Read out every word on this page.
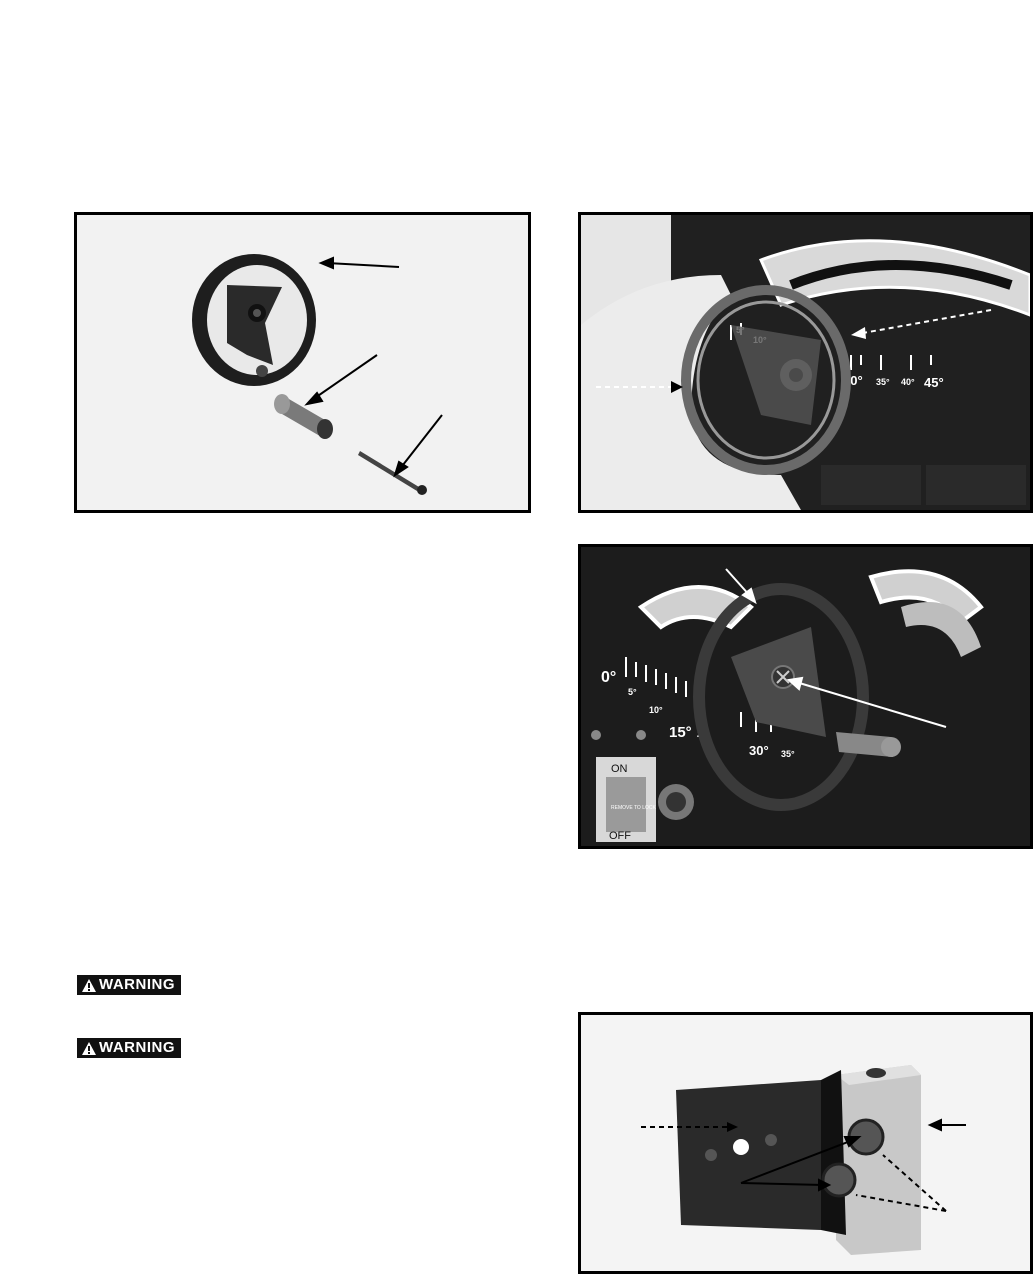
30° 35° 40° 45°
0°
5°
10°
15° 20
30° 35°
ON
OFF
REMOVE TO LOCK
WARNING
WARNING
